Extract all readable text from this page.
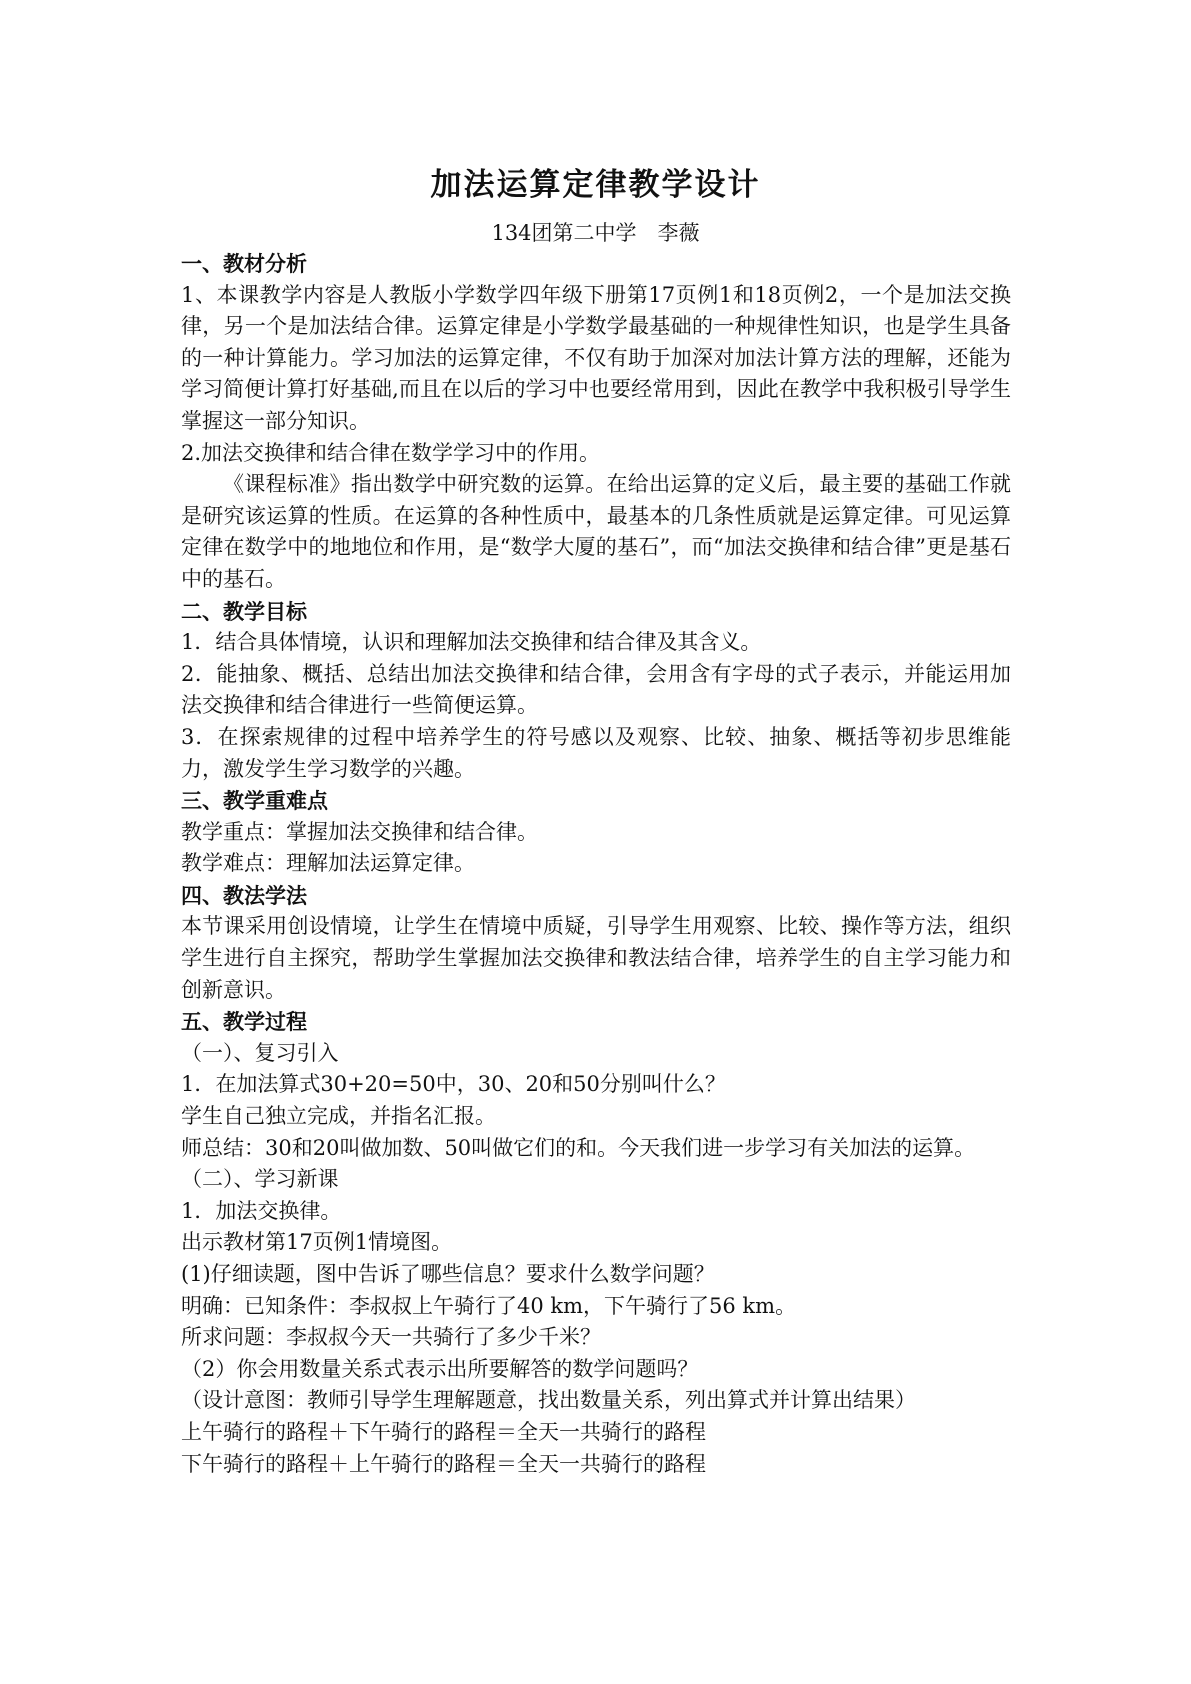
加法运算定律教学设计
134团第二中学　李薇

一、教材分析

1、本课教学内容是人教版小学数学四年级下册第17页例1和18页例2，一个是加法交换律，另一个是加法结合律。运算定律是小学数学最基础的一种规律性知识，也是学生具备的一种计算能力。学习加法的运算定律，不仅有助于加深对加法计算方法的理解，还能为学习简便计算打好基础,而且在以后的学习中也要经常用到，因此在教学中我积极引导学生掌握这一部分知识。

2.加法交换律和结合律在数学学习中的作用。

《课程标准》指出数学中研究数的运算。在给出运算的定义后，最主要的基础工作就是研究该运算的性质。在运算的各种性质中，最基本的几条性质就是运算定律。可见运算定律在数学中的地地位和作用，是“数学大厦的基石”，而“加法交换律和结合律”更是基石中的基石。

二、教学目标

1．结合具体情境，认识和理解加法交换律和结合律及其含义。

2．能抽象、概括、总结出加法交换律和结合律，会用含有字母的式子表示，并能运用加法交换律和结合律进行一些简便运算。

3．在探索规律的过程中培养学生的符号感以及观察、比较、抽象、概括等初步思维能力，激发学生学习数学的兴趣。

三、教学重难点

教学重点：掌握加法交换律和结合律。

教学难点：理解加法运算定律。

四、教法学法

本节课采用创设情境，让学生在情境中质疑，引导学生用观察、比较、操作等方法，组织学生进行自主探究，帮助学生掌握加法交换律和教法结合律，培养学生的自主学习能力和创新意识。

五、教学过程

（一）、复习引入

1．在加法算式30+20=50中，30、20和50分别叫什么？

学生自己独立完成，并指名汇报。

师总结：30和20叫做加数、50叫做它们的和。今天我们进一步学习有关加法的运算。

（二）、学习新课

1．加法交换律。

出示教材第17页例1情境图。

(1)仔细读题，图中告诉了哪些信息？要求什么数学问题？

明确：已知条件：李叔叔上午骑行了40 km，下午骑行了56 km。

所求问题：李叔叔今天一共骑行了多少千米？

（2）你会用数量关系式表示出所要解答的数学问题吗？

（设计意图：教师引导学生理解题意，找出数量关系，列出算式并计算出结果）

上午骑行的路程＋下午骑行的路程＝全天一共骑行的路程

下午骑行的路程＋上午骑行的路程＝全天一共骑行的路程
